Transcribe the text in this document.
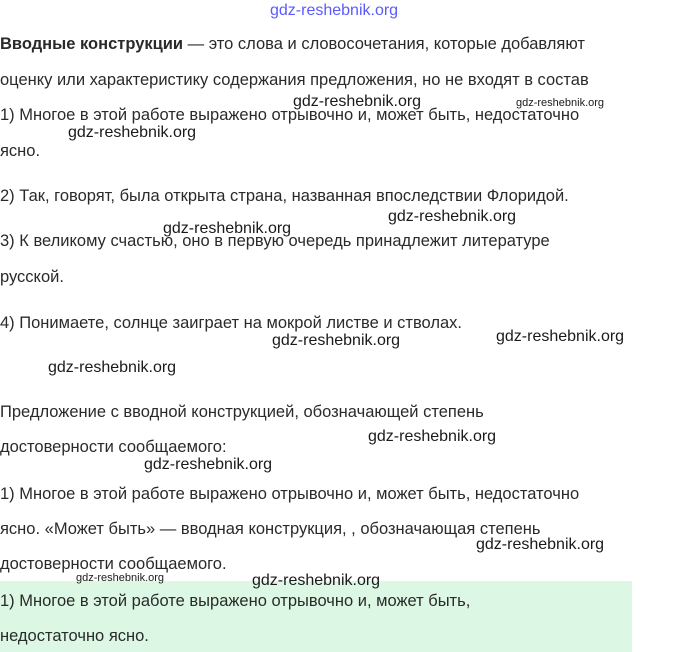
gdz-reshebnik.org
Вводные конструкции — это слова и словосочетания, которые добавляют
оценку или характеристику содержания предложения, но не входят в состав
1) Многое в этой работе выражено отрывочно и, может быть, недостаточно
ясно.
2) Так, говорят, была открыта страна, названная впоследствии Флоридой.
3) К великому счастью, оно в первую очередь принадлежит литературе
русской.
4) Понимаете, солнце заиграет на мокрой листве и стволах.
Предложение с вводной конструкцией, обозначающей степень
достоверности сообщаемого:
1) Многое в этой работе выражено отрывочно и, может быть, недостаточно
ясно. «Может быть» — вводная конструкция, , обозначающая степень
достоверности сообщаемого.
1) Многое в этой работе выражено отрывочно и, может быть,
недостаточно ясно.
gdz-reshebnik.org	gdz-reshebnik.org
gdz-reshebnik.org
gdz-reshebnik.org
gdz-reshebnik.org
gdz-reshebnik.org	gdz-reshebnik.org
gdz-reshebnik.org
gdz-reshebnik.org
gdz-reshebnik.org
gdz-reshebnik.org
gdz-reshebnik.org	gdz-reshebnik.org
